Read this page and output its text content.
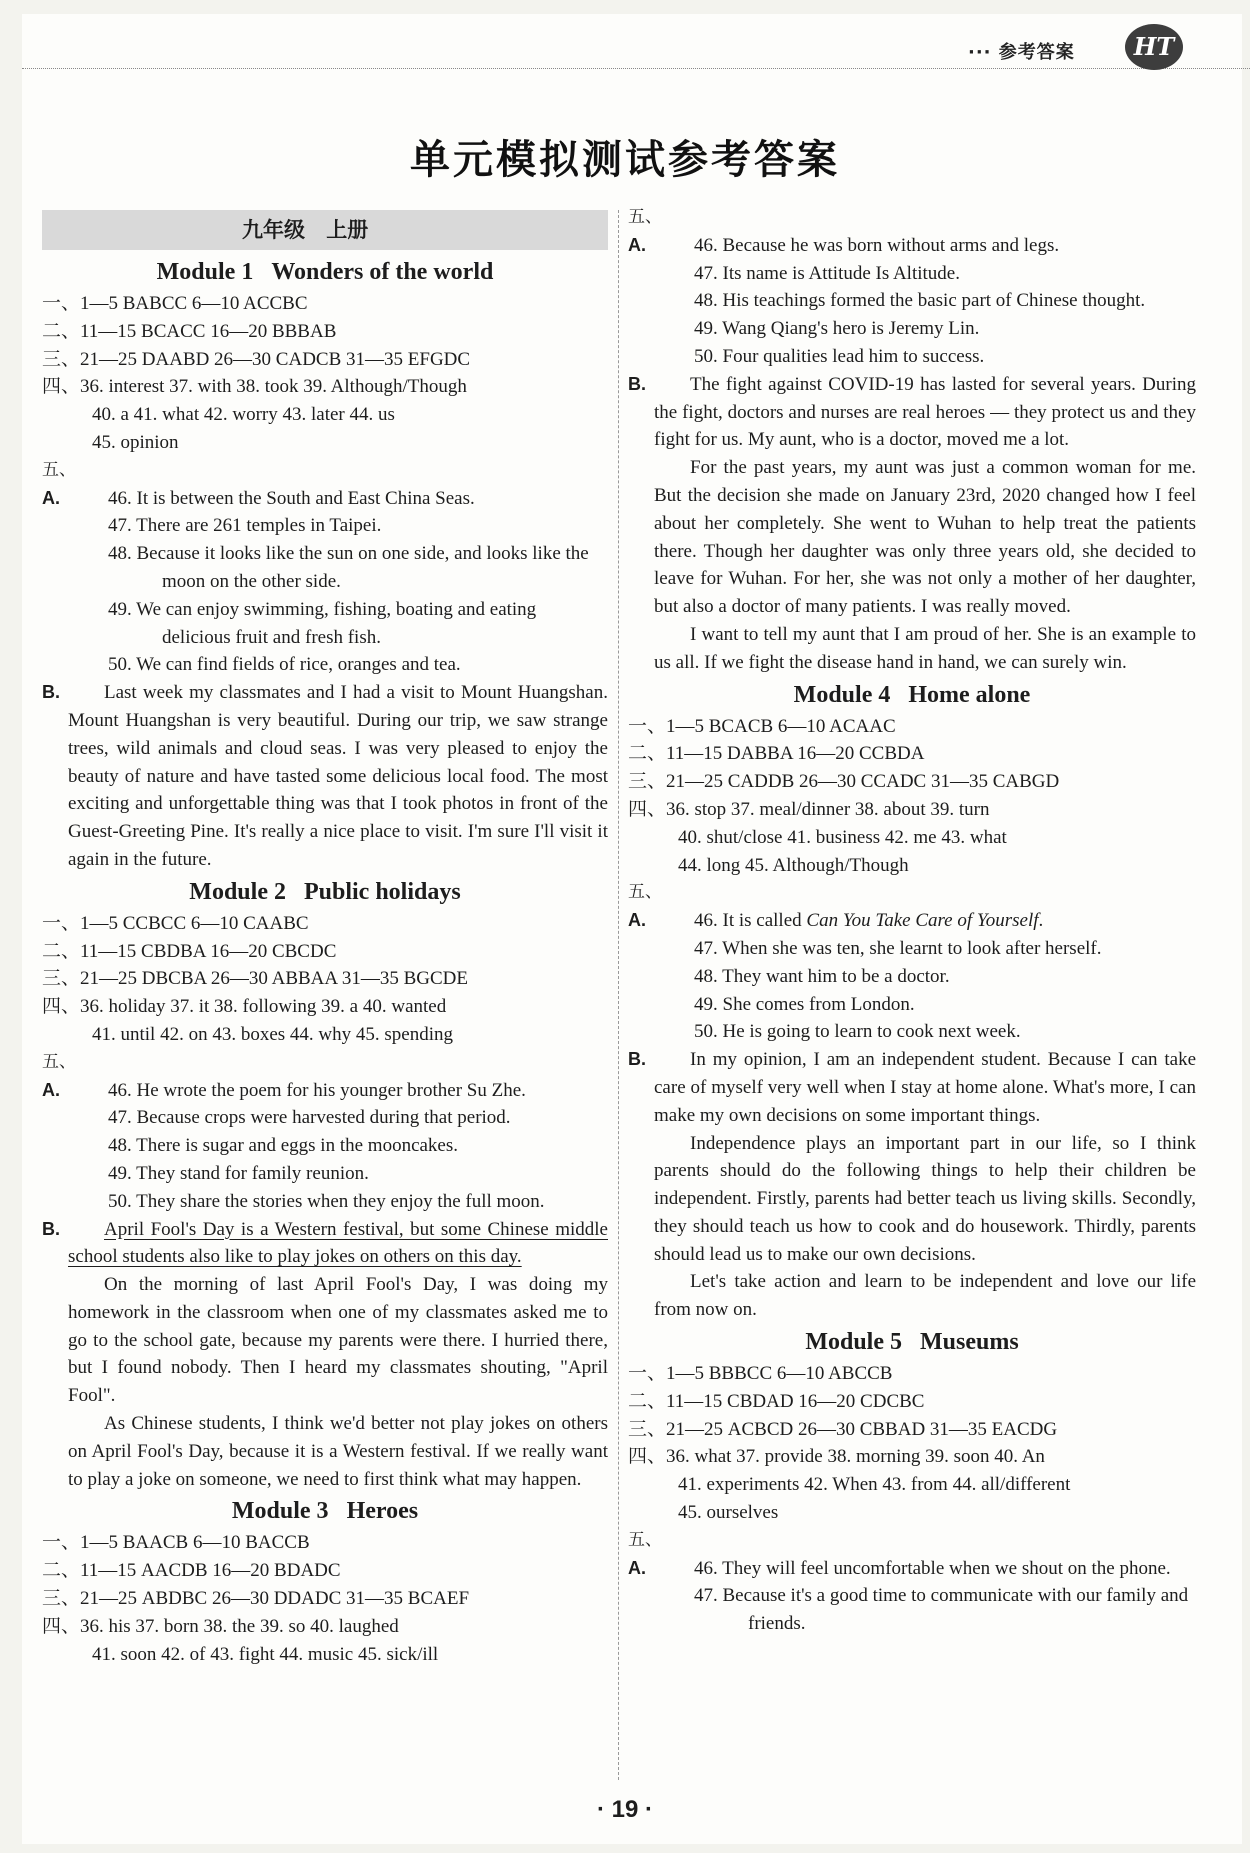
··· 参考答案	HT
单元模拟测试参考答案
九年级 上册
Module 1 Wonders of the world
一、1—5 BABCC 6—10 ACCBC
二、11—15 BCACC 16—20 BBBAB
三、21—25 DAABD 26—30 CADCB 31—35 EFGDC
四、36. interest 37. with 38. took 39. Although/Though
40. a 41. what 42. worry 43. later 44. us
45. opinion
五、
A.	46. It is between the South and East China Seas.
47. There are 261 temples in Taipei.
48. Because it looks like the sun on one side, and looks like the moon on the other side.
49. We can enjoy swimming, fishing, boating and eating delicious fruit and fresh fish.
50. We can find fields of rice, oranges and tea.
B.	Last week my classmates and I had a visit to Mount Huangshan. Mount Huangshan is very beautiful. During our trip, we saw strange trees, wild animals and cloud seas. I was very pleased to enjoy the beauty of nature and have tasted some delicious local food. The most exciting and unforgettable thing was that I took photos in front of the Guest-Greeting Pine. It's really a nice place to visit. I'm sure I'll visit it again in the future.

Module 2 Public holidays
一、1—5 CCBCC 6—10 CAABC
二、11—15 CBDBA 16—20 CBCDC
三、21—25 DBCBA 26—30 ABBAA 31—35 BGCDE
四、36. holiday 37. it 38. following 39. a 40. wanted
41. until 42. on 43. boxes 44. why 45. spending
五、
A.	46. He wrote the poem for his younger brother Su Zhe.
47. Because crops were harvested during that period.
48. There is sugar and eggs in the mooncakes.
49. They stand for family reunion.
50. They share the stories when they enjoy the full moon.
B.	April Fool's Day is a Western festival, but some Chinese middle school students also like to play jokes on others on this day.

On the morning of last April Fool's Day, I was doing my homework in the classroom when one of my classmates asked me to go to the school gate, because my parents were there. I hurried there, but I found nobody. Then I heard my classmates shouting, "April Fool".

As Chinese students, I think we'd better not play jokes on others on April Fool's Day, because it is a Western festival. If we really want to play a joke on someone, we need to first think what may happen.

Module 3 Heroes
一、1—5 BAACB 6—10 BACCB
二、11—15 AACDB 16—20 BDADC
三、21—25 ABDBC 26—30 DDADC 31—35 BCAEF
四、36. his 37. born 38. the 39. so 40. laughed
41. soon 42. of 43. fight 44. music 45. sick/ill
五、
A.	46. Because he was born without arms and legs.
47. Its name is Attitude Is Altitude.
48. His teachings formed the basic part of Chinese thought.
49. Wang Qiang's hero is Jeremy Lin.
50. Four qualities lead him to success.
B.	The fight against COVID-19 has lasted for several years. During the fight, doctors and nurses are real heroes — they protect us and they fight for us. My aunt, who is a doctor, moved me a lot.

For the past years, my aunt was just a common woman for me. But the decision she made on January 23rd, 2020 changed how I feel about her completely. She went to Wuhan to help treat the patients there. Though her daughter was only three years old, she decided to leave for Wuhan. For her, she was not only a mother of her daughter, but also a doctor of many patients. I was really moved.

I want to tell my aunt that I am proud of her. She is an example to us all. If we fight the disease hand in hand, we can surely win.

Module 4 Home alone
一、1—5 BCACB 6—10 ACAAC
二、11—15 DABBA 16—20 CCBDA
三、21—25 CADDB 26—30 CCADC 31—35 CABGD
四、36. stop 37. meal/dinner 38. about 39. turn
40. shut/close 41. business 42. me 43. what
44. long 45. Although/Though
五、
A.	46. It is called Can You Take Care of Yourself.
47. When she was ten, she learnt to look after herself.
48. They want him to be a doctor.
49. She comes from London.
50. He is going to learn to cook next week.
B.	In my opinion, I am an independent student. Because I can take care of myself very well when I stay at home alone. What's more, I can make my own decisions on some important things.

Independence plays an important part in our life, so I think parents should do the following things to help their children be independent. Firstly, parents had better teach us living skills. Secondly, they should teach us how to cook and do housework. Thirdly, parents should lead us to make our own decisions.

Let's take action and learn to be independent and love our life from now on.

Module 5 Museums
一、1—5 BBBCC 6—10 ABCCB
二、11—15 CBDAD 16—20 CDCBC
三、21—25 ACBCD 26—30 CBBAD 31—35 EACDG
四、36. what 37. provide 38. morning 39. soon 40. An
41. experiments 42. When 43. from 44. all/different
45. ourselves
五、
A.	46. They will feel uncomfortable when we shout on the phone.
47. Because it's a good time to communicate with our family and friends.
· 19 ·
